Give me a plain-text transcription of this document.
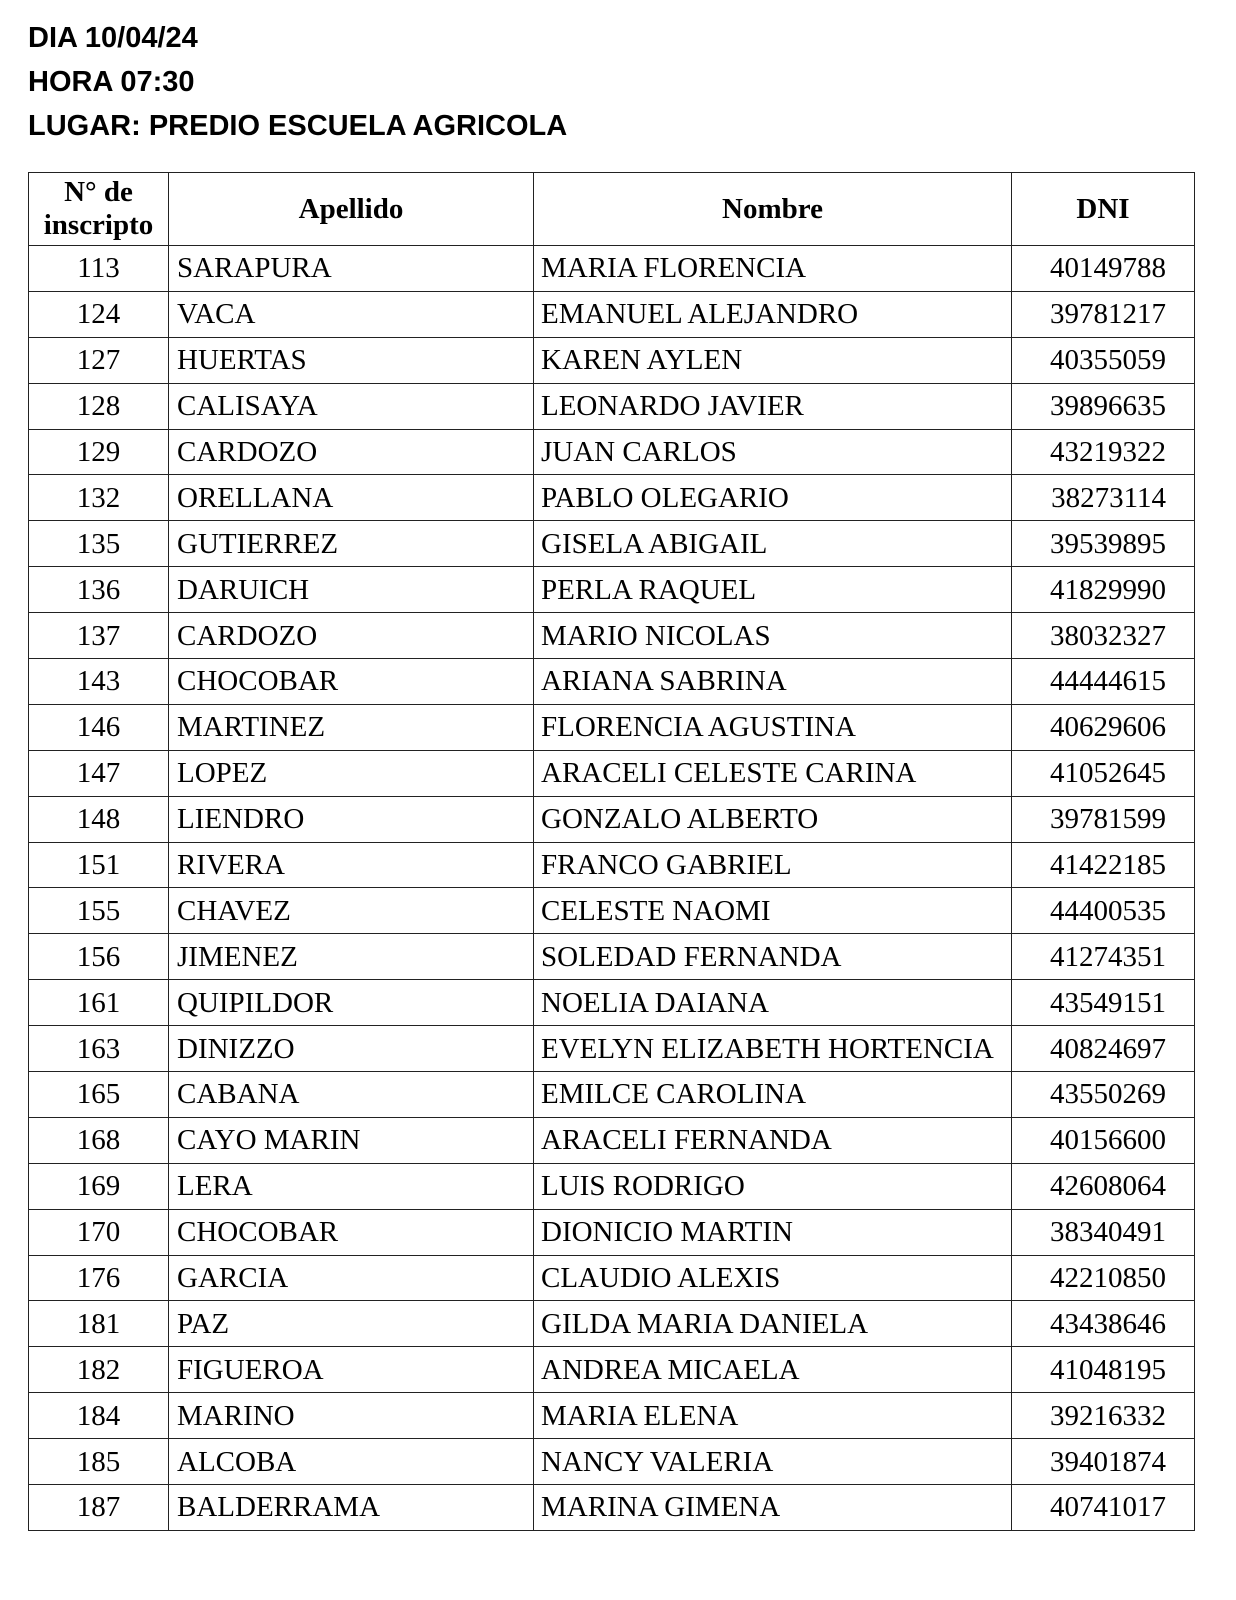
DIA 10/04/24
HORA 07:30
LUGAR: PREDIO ESCUELA AGRICOLA
N° de inscripto	Apellido	Nombre	DNI
113	SARAPURA	MARIA FLORENCIA	40149788
124	VACA	EMANUEL ALEJANDRO	39781217
127	HUERTAS	KAREN AYLEN	40355059
128	CALISAYA	LEONARDO JAVIER	39896635
129	CARDOZO	JUAN CARLOS	43219322
132	ORELLANA	PABLO OLEGARIO	38273114
135	GUTIERREZ	GISELA ABIGAIL	39539895
136	DARUICH	PERLA RAQUEL	41829990
137	CARDOZO	MARIO NICOLAS	38032327
143	CHOCOBAR	ARIANA SABRINA	44444615
146	MARTINEZ	FLORENCIA AGUSTINA	40629606
147	LOPEZ	ARACELI CELESTE CARINA	41052645
148	LIENDRO	GONZALO ALBERTO	39781599
151	RIVERA	FRANCO GABRIEL	41422185
155	CHAVEZ	CELESTE NAOMI	44400535
156	JIMENEZ	SOLEDAD FERNANDA	41274351
161	QUIPILDOR	NOELIA DAIANA	43549151
163	DINIZZO	EVELYN ELIZABETH HORTENCIA	40824697
165	CABANA	EMILCE CAROLINA	43550269
168	CAYO MARIN	ARACELI FERNANDA	40156600
169	LERA	LUIS RODRIGO	42608064
170	CHOCOBAR	DIONICIO MARTIN	38340491
176	GARCIA	CLAUDIO ALEXIS	42210850
181	PAZ	GILDA MARIA DANIELA	43438646
182	FIGUEROA	ANDREA MICAELA	41048195
184	MARINO	MARIA ELENA	39216332
185	ALCOBA	NANCY VALERIA	39401874
187	BALDERRAMA	MARINA GIMENA	40741017
